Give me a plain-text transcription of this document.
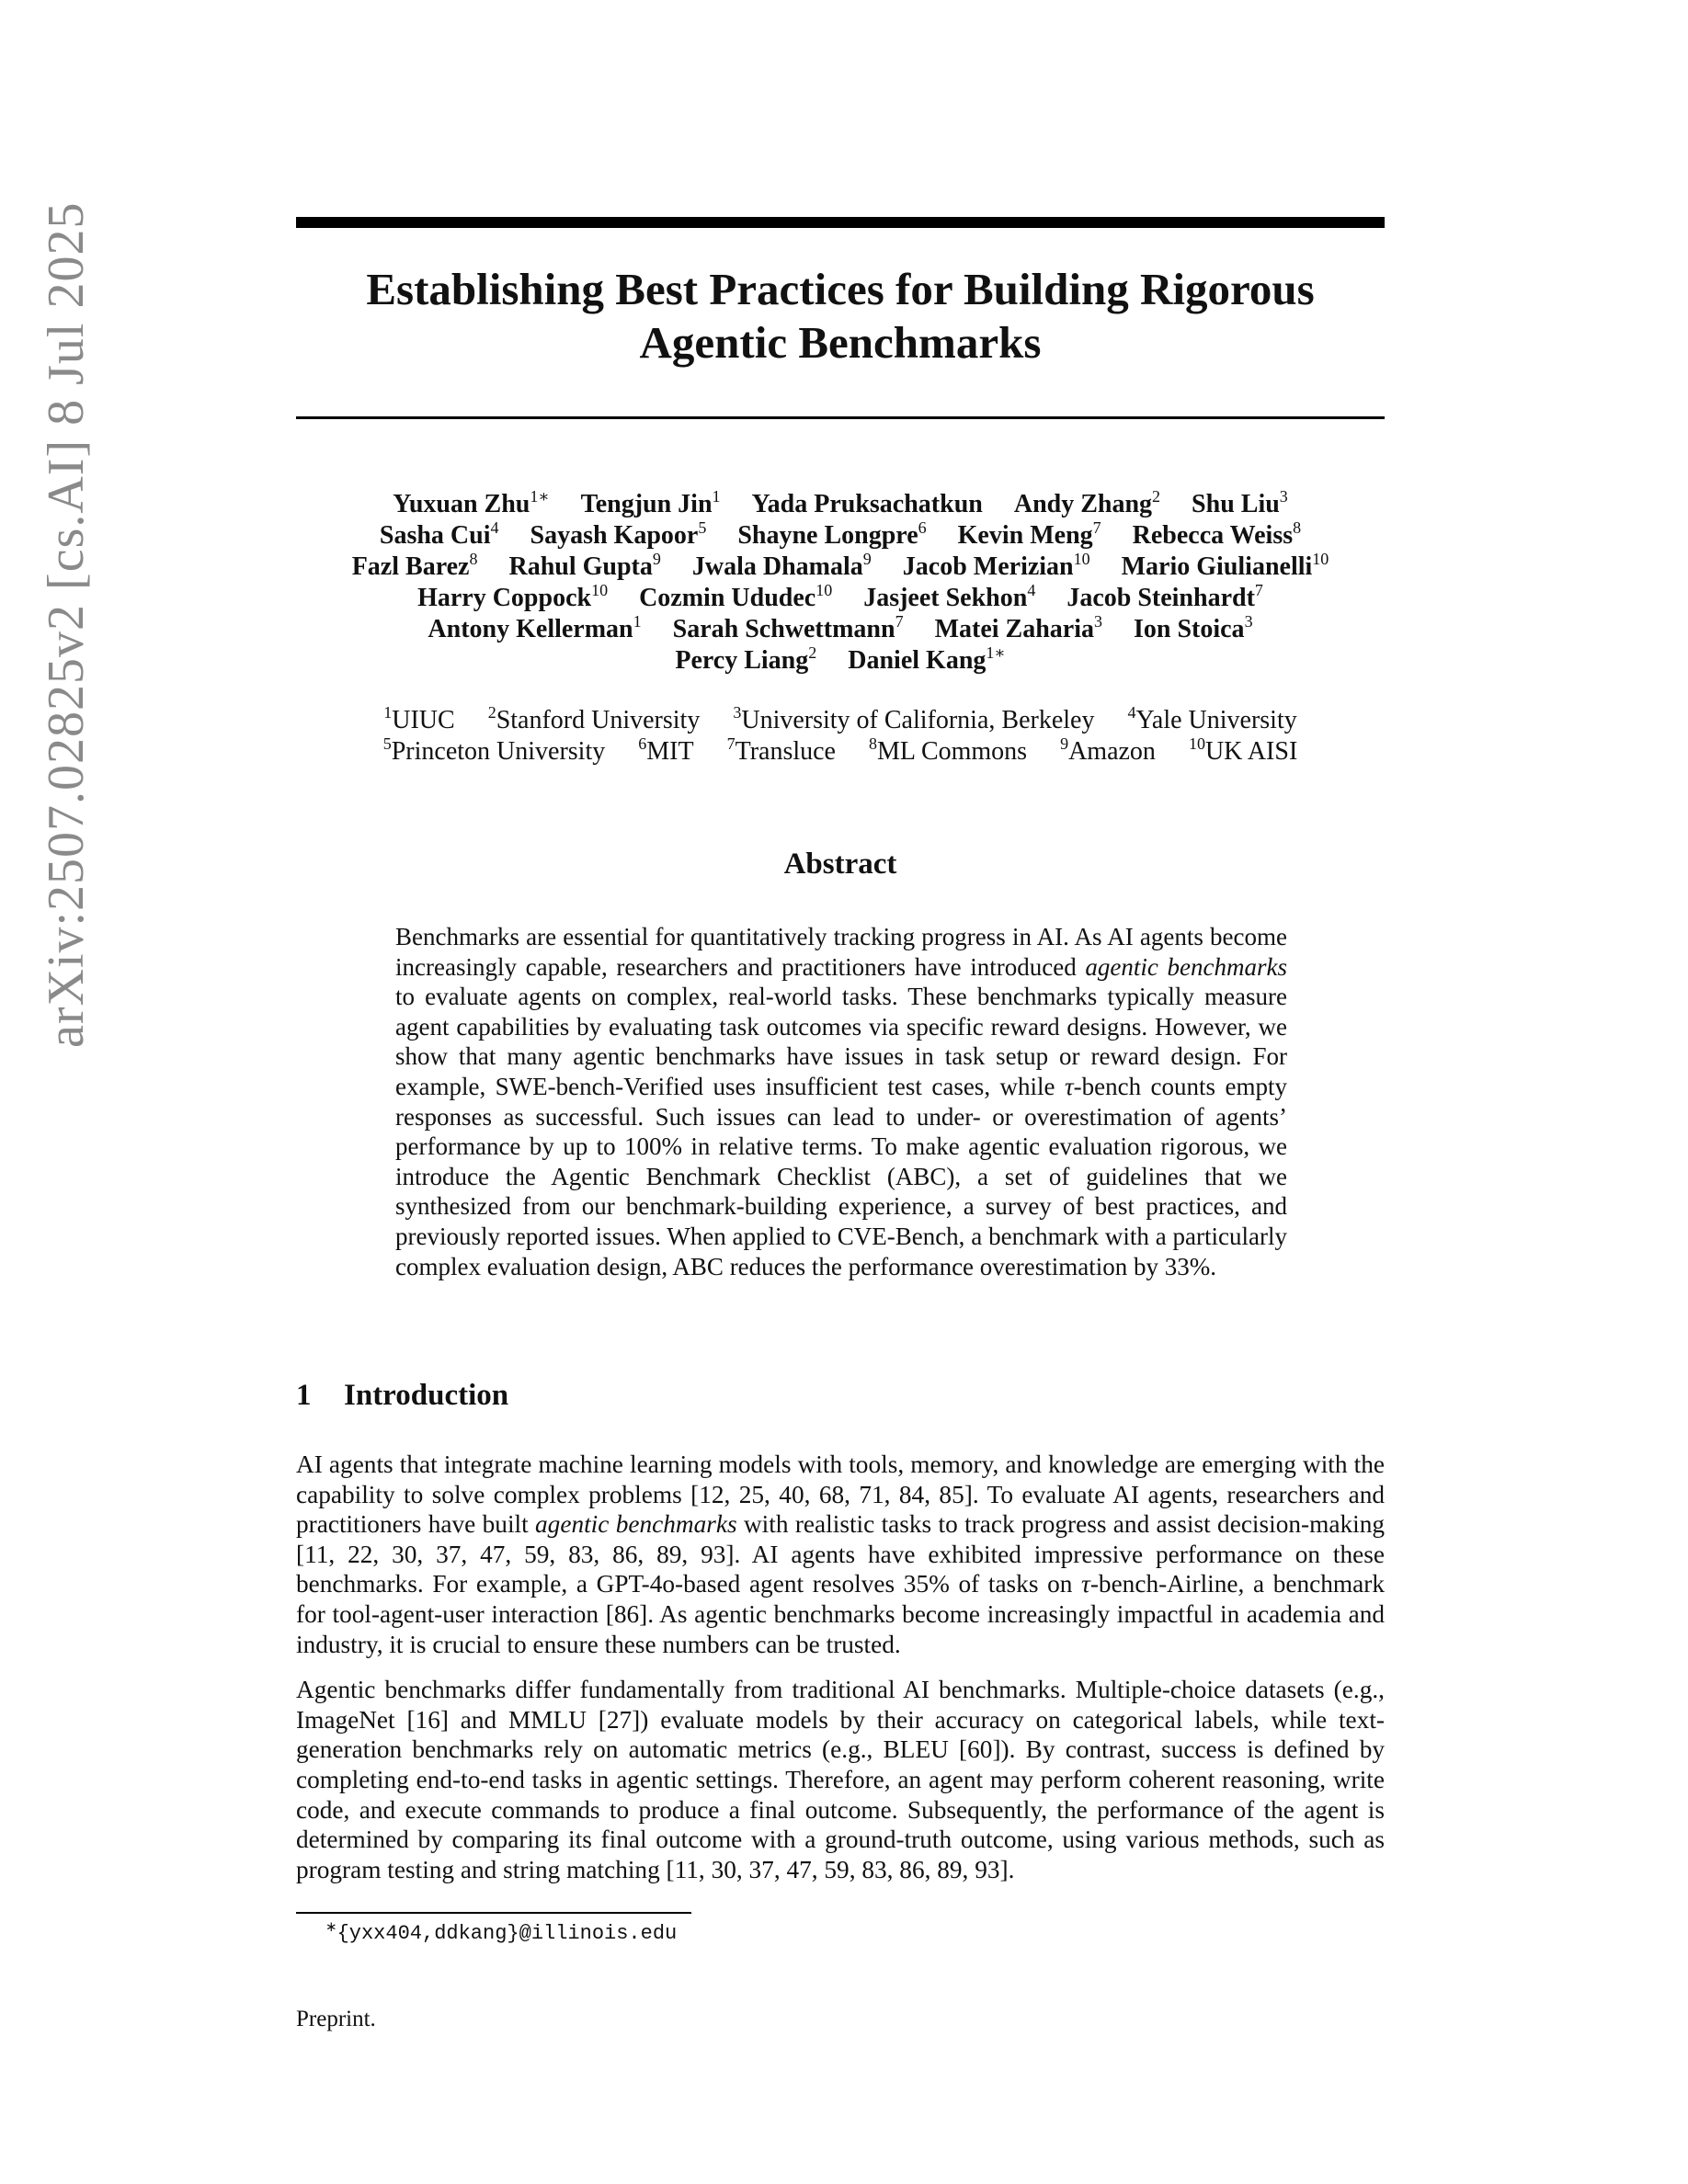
arXiv:2507.02825v2 [cs.AI] 8 Jul 2025	Establishing Best Practices for Building Rigorous
Agentic Benchmarks
Yuxuan Zhu$^{1∗}$ Tengjun Jin$^1$ Yada Pruksachatkun Andy Zhang$^2$ Shu Liu$^3$
Sasha Cui$^4$ Sayash Kapoor$^5$ Shayne Longpre$^6$ Kevin Meng$^7$ Rebecca Weiss$^8$
Fazl Barez$^8$ Rahul Gupta$^9$ Jwala Dhamala$^9$ Jacob Merizian$^{10}$ Mario Giulianelli$^{10}$
Harry Coppock$^{10}$ Cozmin Ududec$^{10}$ Jasjeet Sekhon$^4$ Jacob Steinhardt$^7$
Antony Kellerman$^1$ Sarah Schwettmann$^7$ Matei Zaharia$^3$ Ion Stoica$^3$
Percy Liang$^2$ Daniel Kang$^{1∗}$
$^1$UIUC $^2$Stanford University $^3$University of California, Berkeley $^4$Yale University
$^5$Princeton University $^6$MIT $^7$Transluce $^8$ML Commons $^9$Amazon $^{10}$UK AISI
Abstract
Benchmarks are essential for quantitatively tracking progress in AI. As AI agents become increasingly capable, researchers and practitioners have introduced agentic benchmarks to evaluate agents on complex, real-world tasks. These benchmarks typically measure agent capabilities by evaluating task outcomes via specific reward designs. However, we show that many agentic benchmarks have issues in task setup or reward design. For example, SWE-bench-Verified uses insufficient test cases, while τ-bench counts empty responses as successful. Such issues can lead to under- or overestimation of agents’ performance by up to 100% in relative terms. To make agentic evaluation rigorous, we introduce the Agentic Benchmark Checklist (ABC), a set of guidelines that we synthesized from our benchmark-building experience, a survey of best practices, and previously reported issues. When applied to CVE-Bench, a benchmark with a particularly complex evaluation design, ABC reduces the performance overestimation by 33%.
1 Introduction

AI agents that integrate machine learning models with tools, memory, and knowledge are emerging with the capability to solve complex problems [12, 25, 40, 68, 71, 84, 85]. To evaluate AI agents, researchers and practitioners have built agentic benchmarks with realistic tasks to track progress and assist decision-making [11, 22, 30, 37, 47, 59, 83, 86, 89, 93]. AI agents have exhibited impressive performance on these benchmarks. For example, a GPT-4o-based agent resolves 35% of tasks on τ-bench-Airline, a benchmark for tool-agent-user interaction [86]. As agentic benchmarks become increasingly impactful in academia and industry, it is crucial to ensure these numbers can be trusted.

Agentic benchmarks differ fundamentally from traditional AI benchmarks. Multiple-choice datasets (e.g., ImageNet [16] and MMLU [27]) evaluate models by their accuracy on categorical labels, while text-generation benchmarks rely on automatic metrics (e.g., BLEU [60]). By contrast, success is defined by completing end-to-end tasks in agentic settings. Therefore, an agent may perform coherent reasoning, write code, and execute commands to produce a final outcome. Subsequently, the performance of the agent is determined by comparing its final outcome with a ground-truth outcome, using various methods, such as program testing and string matching [11, 30, 37, 47, 59, 83, 86, 89, 93].

∗{yxx404,ddkang}@illinois.edu
Preprint.
